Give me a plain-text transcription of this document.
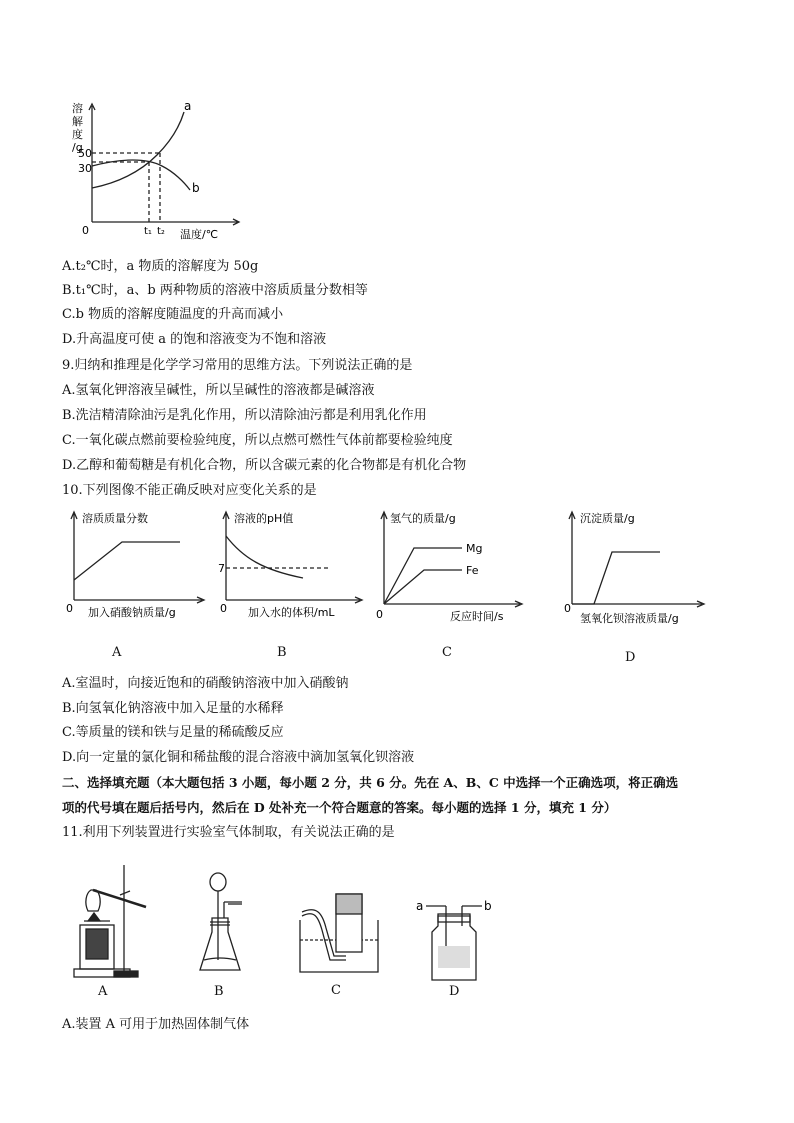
溶
解
度
/g
50
30
0	t₁ t₂ 温度/℃
a
b
A.t₂℃时，a 物质的溶解度为 50g
B.t₁℃时，a、b 两种物质的溶液中溶质质量分数相等
C.b 物质的溶解度随温度的升高而减小
D.升高温度可使 a 的饱和溶液变为不饱和溶液
9.归纳和推理是化学学习常用的思维方法。下列说法正确的是
A.氢氧化钾溶液呈碱性，所以呈碱性的溶液都是碱溶液
B.洗洁精清除油污是乳化作用，所以清除油污都是利用乳化作用
C.一氧化碳点燃前要检验纯度，所以点燃可燃性气体前都要检验纯度
D.乙醇和葡萄糖是有机化合物，所以含碳元素的化合物都是有机化合物
10.下列图像不能正确反映对应变化关系的是
溶质质量分数
0 加入硝酸钠质量/g
A
溶液的pH值
7
0 加入水的体积/mL
B
氢气的质量/g
Mg
Fe
0	反应时间/s
C
沉淀质量/g
0
氢氧化钡溶液质量/g
D
A.室温时，向接近饱和的硝酸钠溶液中加入硝酸钠
B.向氢氧化钠溶液中加入足量的水稀释
C.等质量的镁和铁与足量的稀硫酸反应
D.向一定量的氯化铜和稀盐酸的混合溶液中滴加氢氧化钡溶液
二、选择填充题（本大题包括 3 小题，每小题 2 分，共 6 分。先在 A、B、C 中选择一个正确选项，将正确选
项的代号填在题后括号内，然后在 D 处补充一个符合题意的答案。每小题的选择 1 分，填充 1 分）
11.利用下列装置进行实验室气体制取，有关说法正确的是
A	B	C
a	b
D
A.装置 A 可用于加热固体制气体
